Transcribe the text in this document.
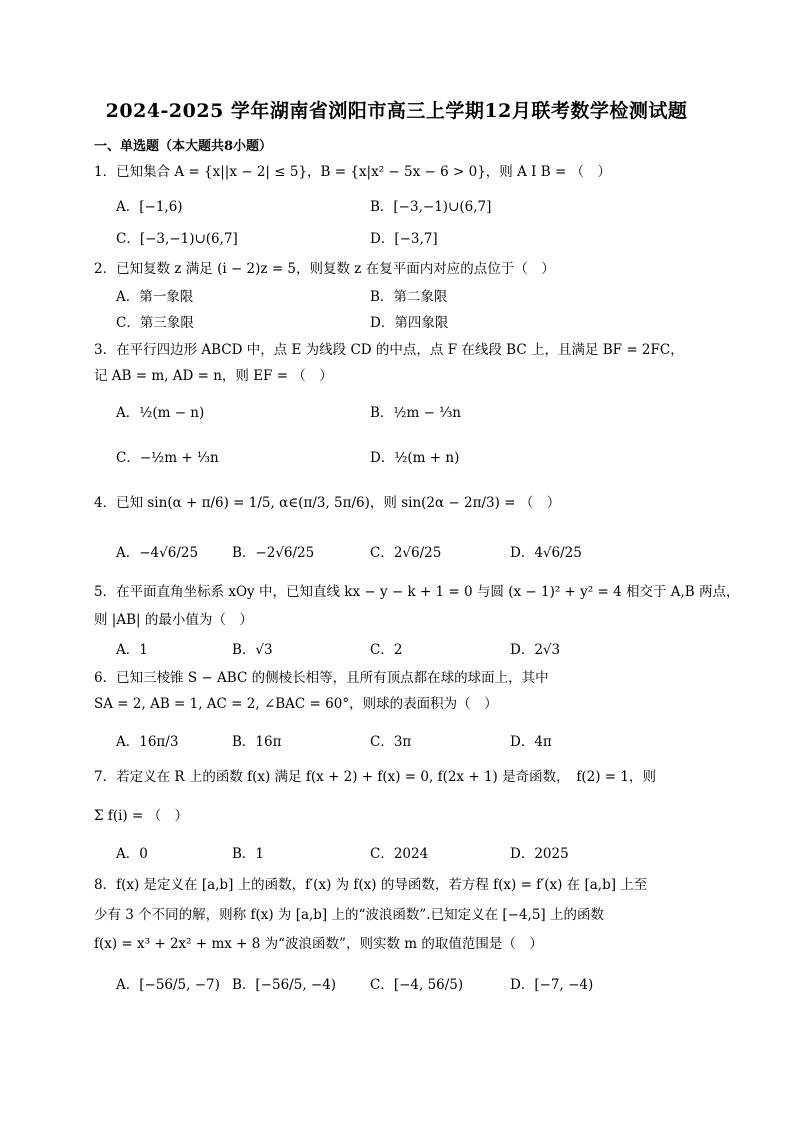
2024-2025 学年湖南省浏阳市高三上学期12月联考数学检测试题
一、单选题（本大题共8小题）
1．已知集合 A = {x||x − 2| ≤ 5}，B = {x|x² − 5x − 6 > 0}，则 A I B = （　）
A．[−1,6)	B．[−3,−1)∪(6,7]
C．[−3,−1)∪(6,7]	D．[−3,7]
2．已知复数 z 满足 (i − 2)z = 5，则复数 z 在复平面内对应的点位于（　）
A．第一象限	B．第二象限
C．第三象限	D．第四象限
3．在平行四边形 ABCD 中，点 E 为线段 CD 的中点，点 F 在线段 BC 上，且满足 BF = 2FC，
记 AB = m, AD = n，则 EF = （　）
A．½(m − n)	B．½m − ⅓n
C．−½m + ⅓n	D．½(m + n)
4．已知 sin(α + π/6) = 1/5, α∈(π/3, 5π/6)，则 sin(2α − 2π/3) = （　）
A．−4√6/25	B．−2√6/25	C．2√6/25	D．4√6/25
5．在平面直角坐标系 xOy 中，已知直线 kx − y − k + 1 = 0 与圆 (x − 1)² + y² = 4 相交于 A,B 两点，
则 |AB| 的最小值为（　）
A．1	B．√3	C．2	D．2√3
6．已知三棱锥 S − ABC 的侧棱长相等，且所有顶点都在球的球面上，其中
SA = 2, AB = 1, AC = 2, ∠BAC = 60°，则球的表面积为（　）
A．16π/3	B．16π	C．3π	D．4π
7．若定义在 R 上的函数 f(x) 满足 f(x + 2) + f(x) = 0, f(2x + 1) 是奇函数，　f(2) = 1，则
Σ f(i) = （　）
A．0	B．1	C．2024	D．2025
8．f(x) 是定义在 [a,b] 上的函数，f′(x) 为 f(x) 的导函数，若方程 f(x) = f′(x) 在 [a,b] 上至
少有 3 个不同的解，则称 f(x) 为 [a,b] 上的“波浪函数”.已知定义在 [−4,5] 上的函数
f(x) = x³ + 2x² + mx + 8 为“波浪函数”，则实数 m 的取值范围是（　）
A．[−56/5, −7) B．[−56/5, −4)	C．[−4, 56/5)	D．[−7, −4)
